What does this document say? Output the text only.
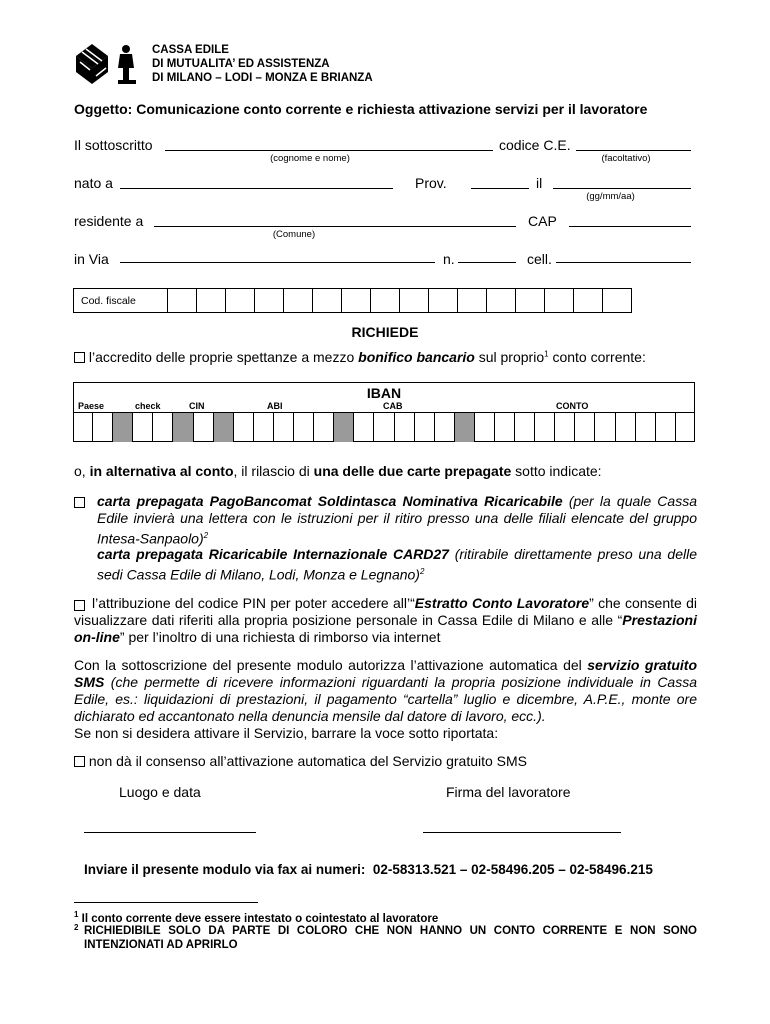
CASSA EDILE
DI MUTUALITA’ ED ASSISTENZA
DI MILANO – LODI – MONZA E BRIANZA
Oggetto: Comunicazione conto corrente e richiesta attivazione servizi per il lavoratore
Il sottoscritto
(cognome e nome)
codice C.E.
(facoltativo)
nato a	Prov.	il
(gg/mm/aa)
residente a
(Comune)
CAP
in Via	n.	cell.
Cod. fiscale																
RICHIEDE
l’accredito delle proprie spettanze a mezzo bonifico bancario sul proprio$^1$ conto corrente:
IBAN
Paese	check	CIN	ABI	CAB	CONTO
o, in alternativa al conto, il rilascio di una delle due carte prepagate sotto indicate:
carta prepagata PagoBancomat Soldintasca Nominativa Ricaricabile (per la quale Cassa Edile invierà una lettera con le istruzioni per il ritiro presso una delle filiali elencate del gruppo Intesa-Sanpaolo)$^2$
carta prepagata Ricaricabile Internazionale CARD27 (ritirabile direttamente preso una delle sedi Cassa Edile di Milano, Lodi, Monza e Legnano)$^2$
l’attribuzione del codice PIN per poter accedere all’“Estratto Conto Lavoratore” che consente di visualizzare dati riferiti alla propria posizione personale in Cassa Edile di Milano e alle “Prestazioni on-line” per l’inoltro di una richiesta di rimborso via internet
Con la sottoscrizione del presente modulo autorizza l’attivazione automatica del servizio gratuito SMS (che permette di ricevere informazioni riguardanti la propria posizione individuale in Cassa Edile, es.: liquidazioni di prestazioni, il pagamento “cartella” luglio e dicembre, A.P.E., monte ore dichiarato ed accantonato nella denuncia mensile dal datore di lavoro, ecc.).
Se non si desidera attivare il Servizio, barrare la voce sotto riportata:
non dà il consenso all’attivazione automatica del Servizio gratuito SMS
Luogo e data	Firma del lavoratore
Inviare il presente modulo via fax ai numeri:  02-58313.521 – 02-58496.205 – 02-58496.215
$^1$ Il conto corrente deve essere intestato o cointestato al lavoratore
$^2$ RICHIEDIBILE SOLO DA PARTE DI COLORO CHE NON HANNO UN CONTO CORRENTE E NON SONO INTENZIONATI AD APRIRLO
